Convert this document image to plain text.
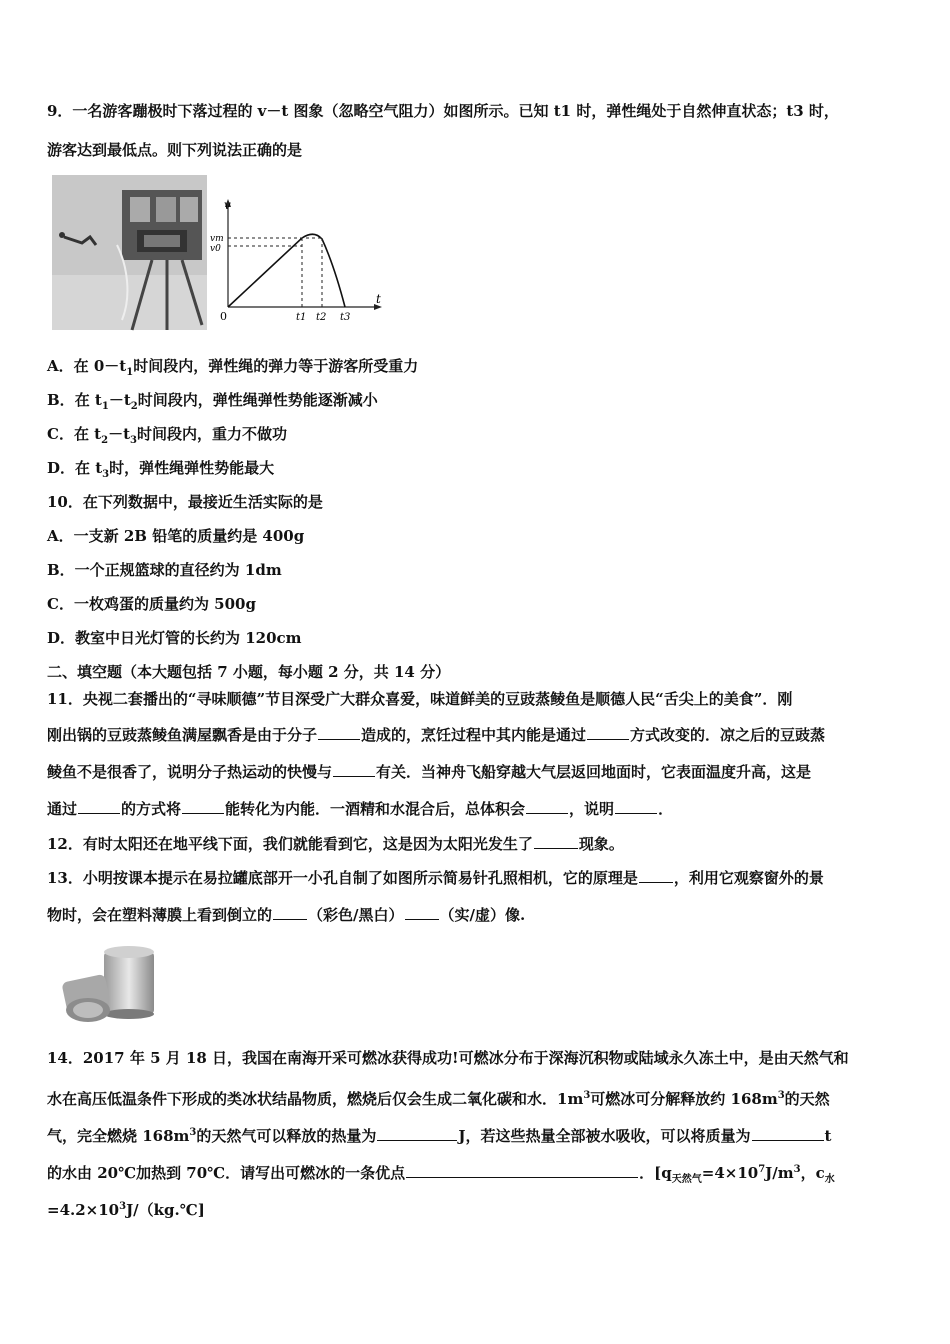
9．一名游客蹦极时下落过程的 v－t 图象（忽略空气阻力）如图所示。已知 t1 时，弹性绳处于自然伸直状态；t3 时，
游客达到最低点。则下列说法正确的是
v
t
0
vm
v0
t1 t2 t3
A．在 $0-t_1$时间段内，弹性绳的弹力等于游客所受重力
B．在 $t_1-t_2$时间段内，弹性绳弹性势能逐渐减小
C．在 $t_2-t_3$时间段内，重力不做功
D．在 $t_3$时，弹性绳弹性势能最大
10．在下列数据中，最接近生活实际的是
A．一支新 2B 铅笔的质量约是 400g
B．一个正规篮球的直径约为 1dm
C．一枚鸡蛋的质量约为 500g
D．教室中日光灯管的长约为 120cm
二、填空题（本大题包括 7 小题，每小题 2 分，共 14 分）
11．央视二套播出的“寻味顺德”节目深受广大群众喜爱，味道鲜美的豆豉蒸鲮鱼是顺德人民“舌尖上的美食”．刚
刚出锅的豆豉蒸鲮鱼满屋飘香是由于分子	造成的，烹饪过程中其内能是通过	方式改变的．凉之后的豆豉蒸
鲮鱼不是很香了，说明分子热运动的快慢与	有关．当神舟飞船穿越大气层返回地面时，它表面温度升高，这是
通过	的方式将	能转化为内能．一酒精和水混合后，总体积会	，说明	．
12．有时太阳还在地平线下面，我们就能看到它，这是因为太阳光发生了	现象。
13．小明按课本提示在易拉罐底部开一小孔自制了如图所示简易针孔照相机，它的原理是 ，利用它观察窗外的景
物时，会在塑料薄膜上看到倒立的 （彩色/黑白） （实/虚）像.
14．2017 年 5 月 18 日，我国在南海开采可燃冰获得成功!可燃冰分布于深海沉积物或陆域永久冻土中，是由天然气和
水在高压低温条件下形成的类冰状结晶物质，燃烧后仅会生成二氧化碳和水．$1m^3$可燃冰可分解释放约 $168m^3$的天然
气，完全燃烧 $168m^3$的天然气可以释放的热量为	J，若这些热量全部被水吸收，可以将质量为	t
的水由 20℃加热到 70℃．请写出可燃冰的一条优点	．[$q_{天然气}=4\times 10^7J/m^3$，$c_水$
$=4.2\times 10^3J/(kg.℃]$
